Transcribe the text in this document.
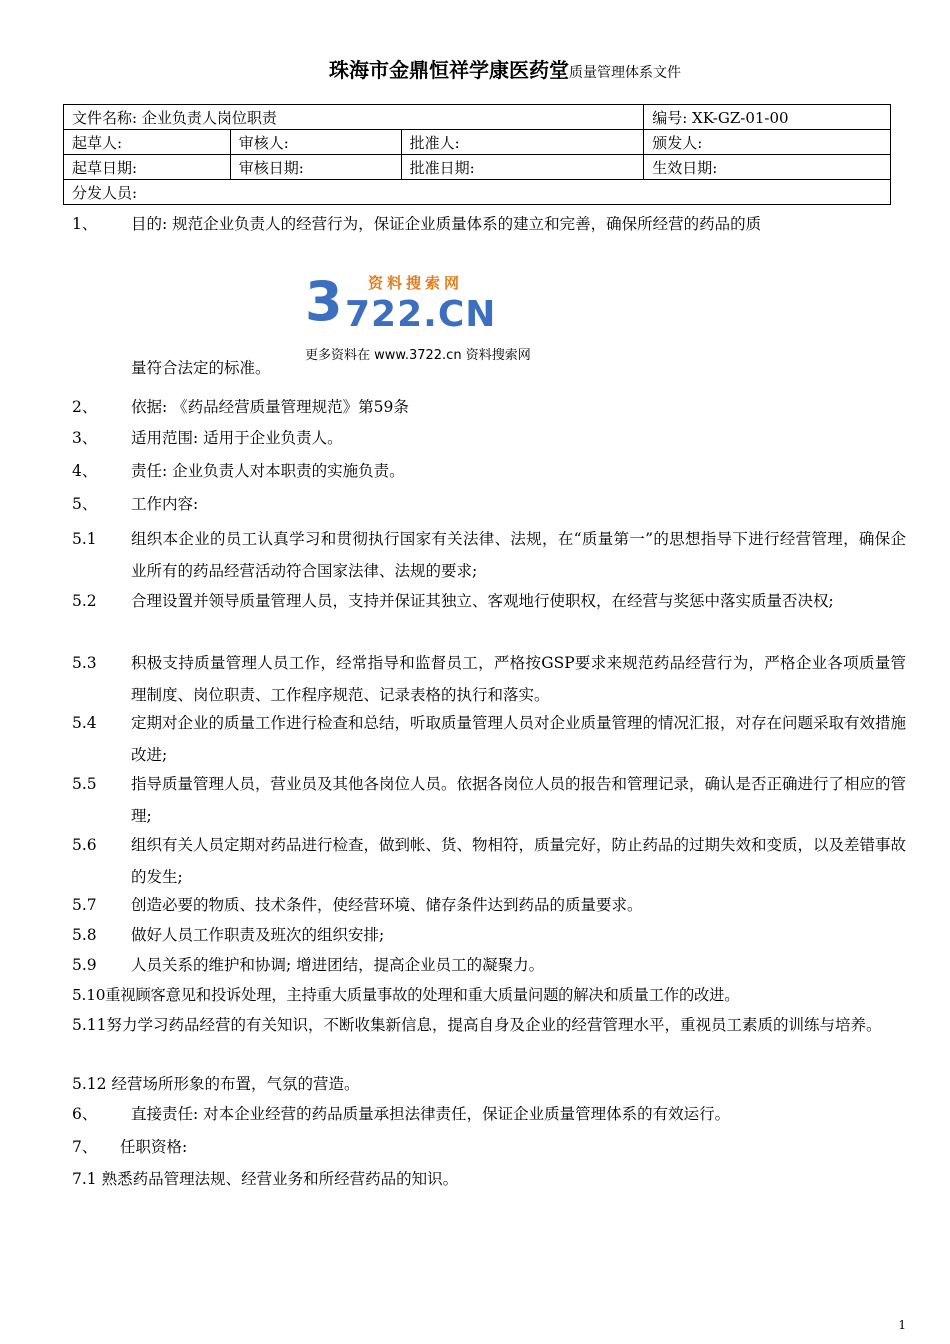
珠海市金鼎恒祥学康医药堂质量管理体系文件
文件名称: 企业负责人岗位职责			编号: XK-GZ-01-00
起草人:	审核人:	批准人:	颁发人:
起草日期:	审核日期:	批准日期:	生效日期:
分发人员:			
1、 目的: 规范企业负责人的经营行为，保证企业质量体系的建立和完善，确保所经营的药品的质
3 资料搜索网
722.CN
更多资料在 www.3722.cn 资料搜索网
量符合法定的标准。
2、	依据: 《药品经营质量管理规范》第59条
3、	适用范围: 适用于企业负责人。
4、	责任: 企业负责人对本职责的实施负责。
5、	工作内容:
5.1	组织本企业的员工认真学习和贯彻执行国家有关法律、法规，在“质量第一”的思想指导下进行经营管理，确保企业所有的药品经营活动符合国家法律、法规的要求;
5.2	合理设置并领导质量管理人员，支持并保证其独立、客观地行使职权，在经营与奖惩中落实质量否决权;
5.3	积极支持质量管理人员工作，经常指导和监督员工，严格按GSP要求来规范药品经营行为，严格企业各项质量管理制度、岗位职责、工作程序规范、记录表格的执行和落实。
5.4	定期对企业的质量工作进行检查和总结，听取质量管理人员对企业质量管理的情况汇报，对存在问题采取有效措施改进;
5.5	指导质量管理人员，营业员及其他各岗位人员。依据各岗位人员的报告和管理记录，确认是否正确进行了相应的管理;
5.6	组织有关人员定期对药品进行检查，做到帐、货、物相符，质量完好，防止药品的过期失效和变质，以及差错事故的发生;
5.7	创造必要的物质、技术条件，使经营环境、储存条件达到药品的质量要求。
5.8	做好人员工作职责及班次的组织安排;
5.9	人员关系的维护和协调; 增进团结，提高企业员工的凝聚力。
5.10重视顾客意见和投诉处理，主持重大质量事故的处理和重大质量问题的解决和质量工作的改进。
5.11努力学习药品经营的有关知识，不断收集新信息，提高自身及企业的经营管理水平，重视员工素质的训练与培养。
5.12 经营场所形象的布置，气氛的营造。
6、	直接责任: 对本企业经营的药品质量承担法律责任，保证企业质量管理体系的有效运行。
7、	任职资格:
7.1 熟悉药品管理法规、经营业务和所经营药品的知识。
1
